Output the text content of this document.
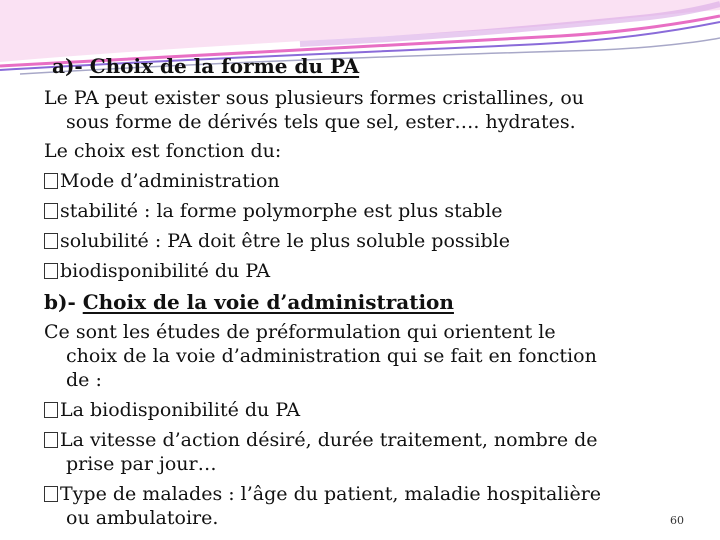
a)- Choix de la forme du PA
Le PA peut exister sous plusieurs formes cristallines, ou
sous forme de dérivés tels que sel, ester…. hydrates.
Le choix est fonction du:
Mode d’administration
stabilité : la forme polymorphe est plus stable
solubilité : PA doit être le plus soluble possible
biodisponibilité du PA
b)- Choix de la voie d’administration
Ce sont les études de préformulation qui orientent le
choix de la voie d’administration qui se fait en fonction
de :
La biodisponibilité du PA
La vitesse d’action désiré, durée traitement, nombre de
prise par jour…
Type de malades : l’âge du patient, maladie hospitalière
ou ambulatoire.	60
